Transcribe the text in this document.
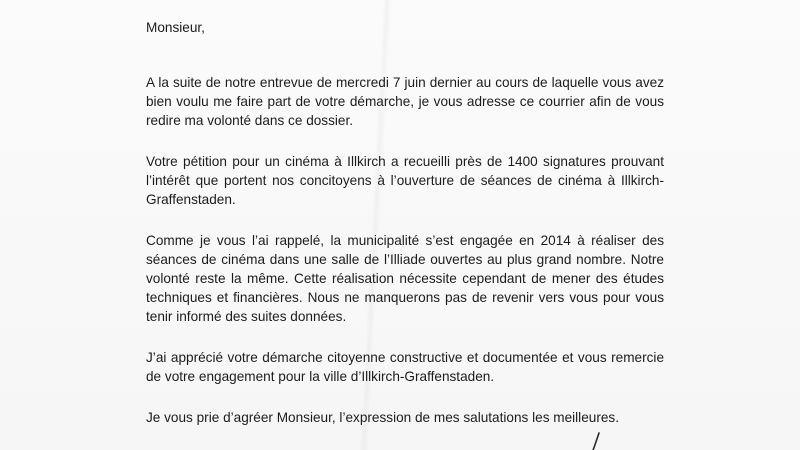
Monsieur,

A la suite de notre entrevue de mercredi 7 juin dernier au cours de laquelle vous avez bien voulu me faire part de votre démarche, je vous adresse ce courrier afin de vous redire ma volonté dans ce dossier.

Votre pétition pour un cinéma à Illkirch a recueilli près de 1400 signatures prouvant l’intérêt que portent nos concitoyens à l’ouverture de séances de cinéma à Illkirch-Graffenstaden.

Comme je vous l’ai rappelé, la municipalité s’est engagée en 2014 à réaliser des séances de cinéma dans une salle de l’Illiade ouvertes au plus grand nombre. Notre volonté reste la même. Cette réalisation nécessite cependant de mener des études techniques et financières. Nous ne manquerons pas de revenir vers vous pour vous tenir informé des suites données.

J’ai apprécié votre démarche citoyenne constructive et documentée et vous remercie de votre engagement pour la ville d’Illkirch-Graffenstaden.

Je vous prie d’agréer Monsieur, l’expression de mes salutations les meilleures.
